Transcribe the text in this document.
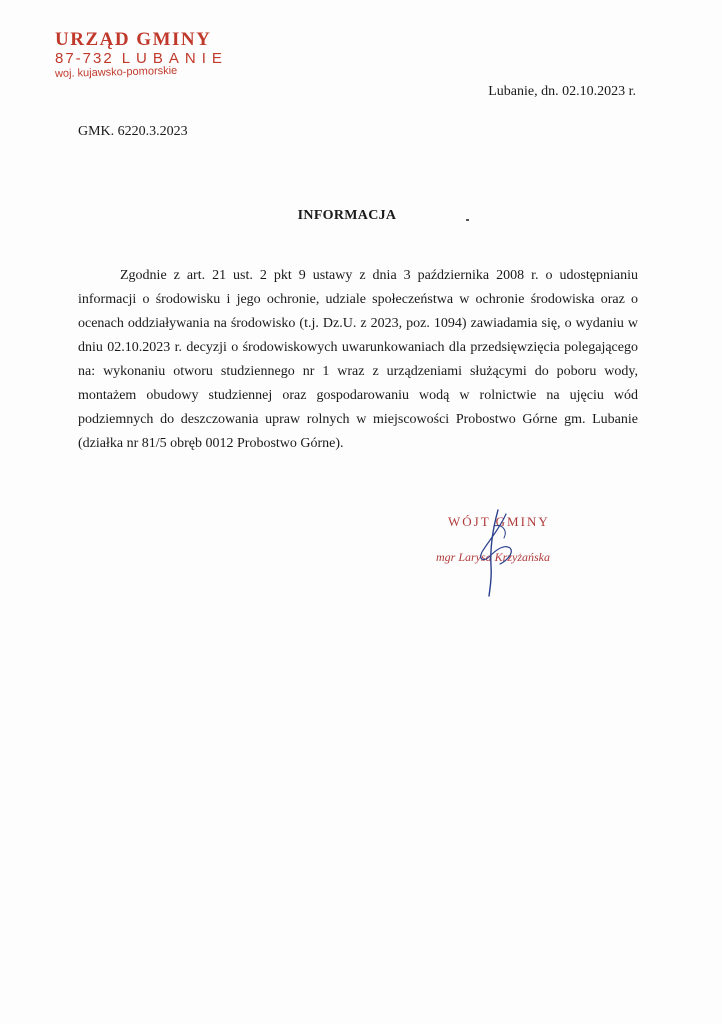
URZĄD GMINY
87-732 LUBANIE
woj. kujawsko-pomorskie
Lubanie, dn. 02.10.2023 r.
GMK. 6220.3.2023
INFORMACJA

Zgodnie z art. 21 ust. 2 pkt 9 ustawy z dnia 3 października 2008 r. o udostępnianiu informacji o środowisku i jego ochronie, udziale społeczeństwa w ochronie środowiska oraz o ocenach oddziaływania na środowisko (t.j. Dz.U. z 2023, poz. 1094) zawiadamia się, o wydaniu w dniu 02.10.2023 r. decyzji o środowiskowych uwarunkowaniach dla przedsięwzięcia polegającego na: wykonaniu otworu studziennego nr 1 wraz z urządzeniami służącymi do poboru wody, montażem obudowy studziennej oraz gospodarowaniu wodą w rolnictwie na ujęciu wód podziemnych do deszczowania upraw rolnych w miejscowości Probostwo Górne gm. Lubanie (działka nr 81/5 obręb 0012 Probostwo Górne).

WÓJT GMINY
mgr Larysa Krzyżańska
